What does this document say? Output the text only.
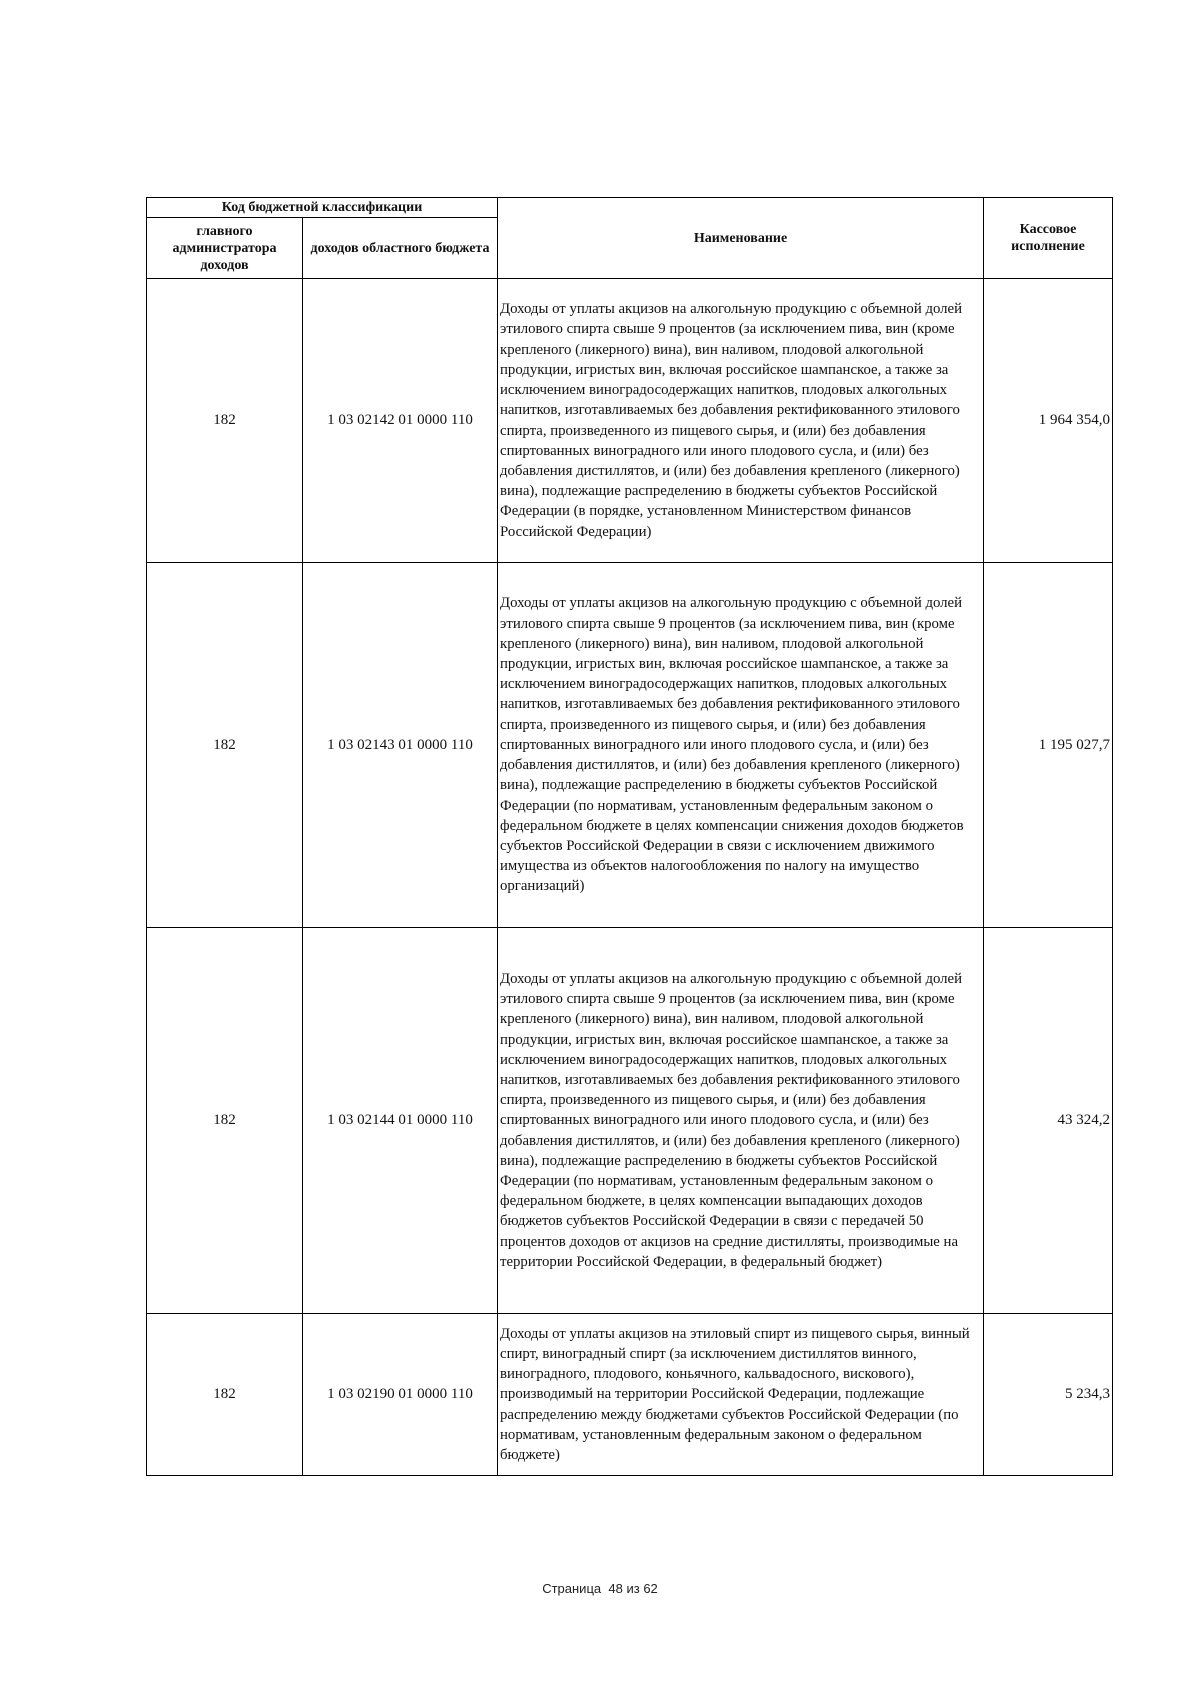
Код бюджетной классификации		Наименование	Кассовое исполнение
главного администратора доходов	доходов областного бюджета		
182	1 03 02142 01 0000 110	Доходы от уплаты акцизов на алкогольную продукцию с объемной долей этилового спирта свыше 9 процентов (за исключением пива, вин (кроме крепленого (ликерного) вина), вин наливом, плодовой алкогольной продукции, игристых вин, включая российское шампанское, а также за исключением виноградосодержащих напитков, плодовых алкогольных напитков, изготавливаемых без добавления ректификованного этилового спирта, произведенного из пищевого сырья, и (или) без добавления спиртованных виноградного или иного плодового сусла, и (или) без добавления дистиллятов, и (или) без добавления крепленого (ликерного) вина), подлежащие распределению в бюджеты субъектов Российской Федерации (в порядке, установленном Министерством финансов Российской Федерации)	1 964 354,0
182	1 03 02143 01 0000 110	Доходы от уплаты акцизов на алкогольную продукцию с объемной долей этилового спирта свыше 9 процентов (за исключением пива, вин (кроме крепленого (ликерного) вина), вин наливом, плодовой алкогольной продукции, игристых вин, включая российское шампанское, а также за исключением виноградосодержащих напитков, плодовых алкогольных напитков, изготавливаемых без добавления ректификованного этилового спирта, произведенного из пищевого сырья, и (или) без добавления спиртованных виноградного или иного плодового сусла, и (или) без добавления дистиллятов, и (или) без добавления крепленого (ликерного) вина), подлежащие распределению в бюджеты субъектов Российской Федерации (по нормативам, установленным федеральным законом о федеральном бюджете в целях компенсации снижения доходов бюджетов субъектов Российской Федерации в связи с исключением движимого имущества из объектов налогообложения по налогу на имущество организаций)	1 195 027,7
182	1 03 02144 01 0000 110	Доходы от уплаты акцизов на алкогольную продукцию с объемной долей этилового спирта свыше 9 процентов (за исключением пива, вин (кроме крепленого (ликерного) вина), вин наливом, плодовой алкогольной продукции, игристых вин, включая российское шампанское, а также за исключением виноградосодержащих напитков, плодовых алкогольных напитков, изготавливаемых без добавления ректификованного этилового спирта, произведенного из пищевого сырья, и (или) без добавления спиртованных виноградного или иного плодового сусла, и (или) без добавления дистиллятов, и (или) без добавления крепленого (ликерного) вина), подлежащие распределению в бюджеты субъектов Российской Федерации (по нормативам, установленным федеральным законом о федеральном бюджете, в целях компенсации выпадающих доходов бюджетов субъектов Российской Федерации в связи с передачей 50 процентов доходов от акцизов на средние дистилляты, производимые на территории Российской Федерации, в федеральный бюджет)	43 324,2
182	1 03 02190 01 0000 110	Доходы от уплаты акцизов на этиловый спирт из пищевого сырья, винный спирт, виноградный спирт (за исключением дистиллятов винного, виноградного, плодового, коньячного, кальвадосного, вискового), производимый на территории Российской Федерации, подлежащие распределению между бюджетами субъектов Российской Федерации (по нормативам, установленным федеральным законом о федеральном бюджете)	5 234,3
Страница 48 из 62
